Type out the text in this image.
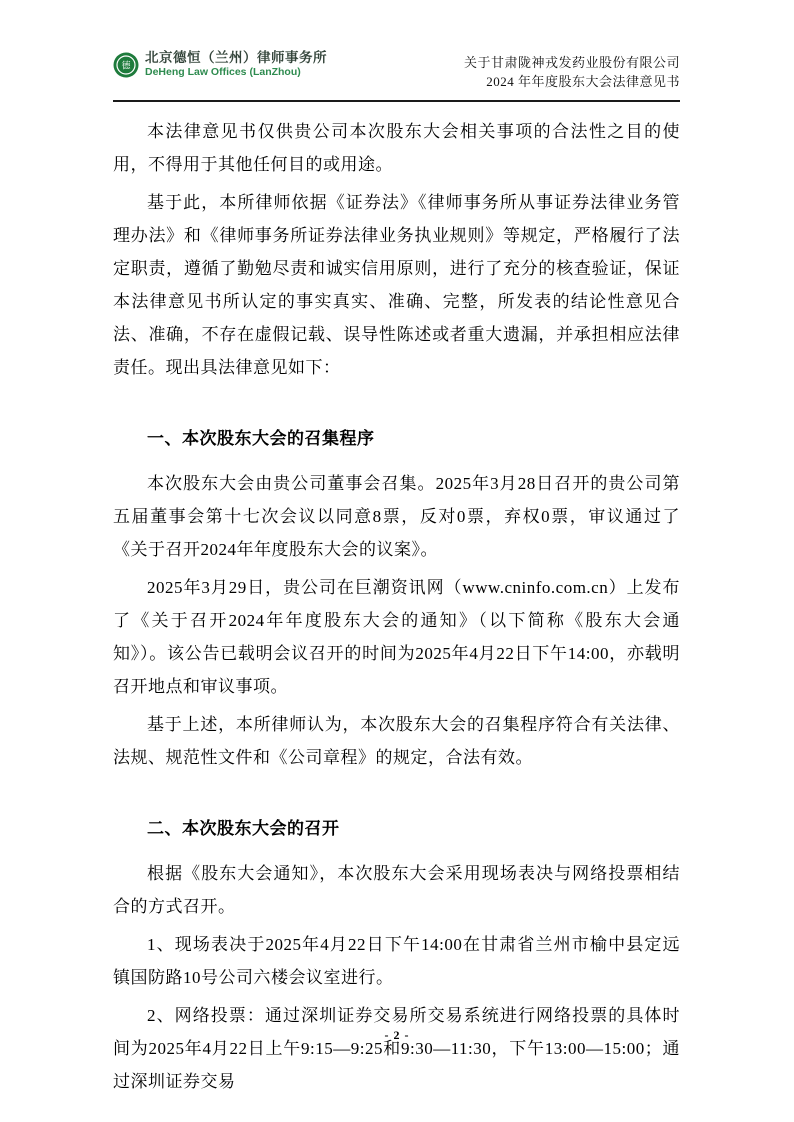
德
北京德恒（兰州）律师事务所
DeHeng Law Offices (LanZhou)
关于甘肃陇神戎发药业股份有限公司
2024 年年度股东大会法律意见书

本法律意见书仅供贵公司本次股东大会相关事项的合法性之目的使用，不得用于其他任何目的或用途。

基于此，本所律师依据《证券法》《律师事务所从事证券法律业务管理办法》和《律师事务所证券法律业务执业规则》等规定，严格履行了法定职责，遵循了勤勉尽责和诚实信用原则，进行了充分的核查验证，保证本法律意见书所认定的事实真实、准确、完整，所发表的结论性意见合法、准确，不存在虚假记载、误导性陈述或者重大遗漏，并承担相应法律责任。现出具法律意见如下：

一、本次股东大会的召集程序

本次股东大会由贵公司董事会召集。2025年3月28日召开的贵公司第五届董事会第十七次会议以同意8票，反对0票，弃权0票，审议通过了《关于召开2024年年度股东大会的议案》。

2025年3月29日，贵公司在巨潮资讯网（www.cninfo.com.cn）上发布了《关于召开2024年年度股东大会的通知》（以下简称《股东大会通知》）。该公告已载明会议召开的时间为2025年4月22日下午14:00，亦载明召开地点和审议事项。

基于上述，本所律师认为，本次股东大会的召集程序符合有关法律、法规、规范性文件和《公司章程》的规定，合法有效。

二、本次股东大会的召开

根据《股东大会通知》，本次股东大会采用现场表决与网络投票相结合的方式召开。

1、现场表决于2025年4月22日下午14:00在甘肃省兰州市榆中县定远镇国防路10号公司六楼会议室进行。

2、网络投票：通过深圳证券交易所交易系统进行网络投票的具体时间为2025年4月22日上午9:15—9:25和9:30—11:30，下午13:00—15:00；通过深圳证券交易

- 2 -
